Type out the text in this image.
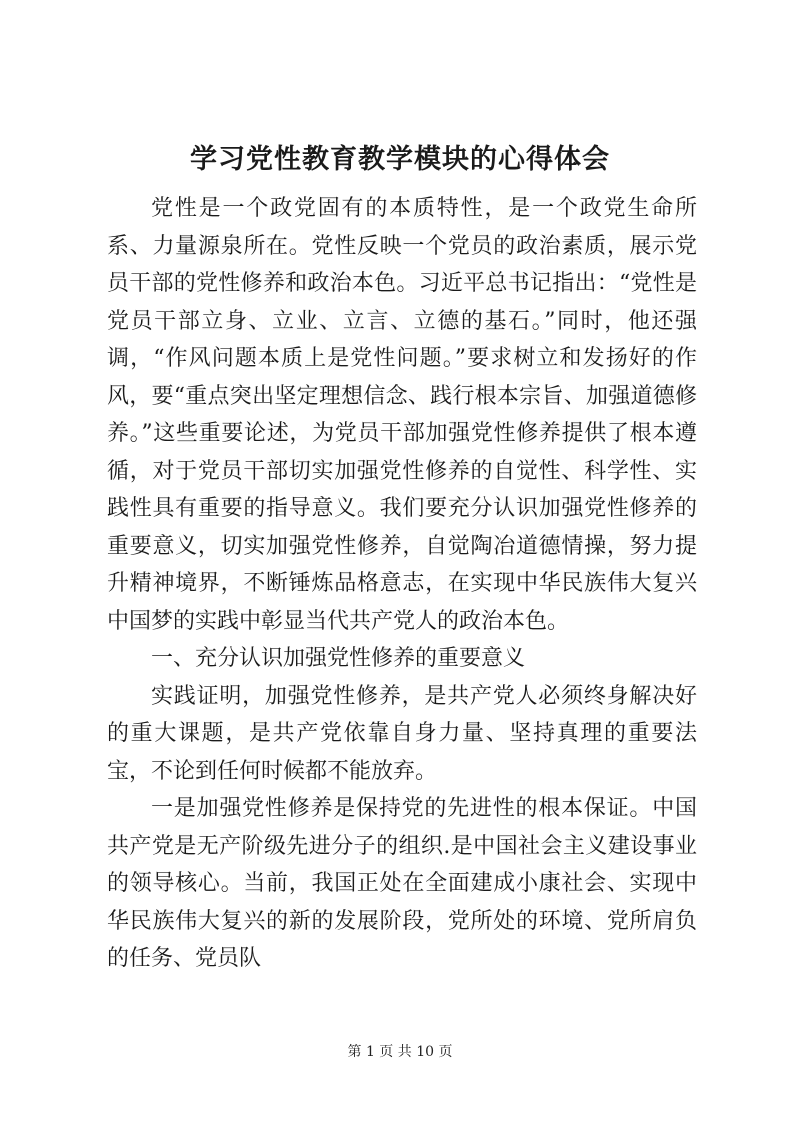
学习党性教育教学模块的心得体会

党性是一个政党固有的本质特性，是一个政党生命所系、力量源泉所在。党性反映一个党员的政治素质，展示党员干部的党性修养和政治本色。习近平总书记指出：“党性是党员干部立身、立业、立言、立德的基石。”同时，他还强调，“作风问题本质上是党性问题。”要求树立和发扬好的作风，要“重点突出坚定理想信念、践行根本宗旨、加强道德修养。”这些重要论述，为党员干部加强党性修养提供了根本遵循，对于党员干部切实加强党性修养的自觉性、科学性、实践性具有重要的指导意义。我们要充分认识加强党性修养的重要意义，切实加强党性修养，自觉陶冶道德情操，努力提升精神境界，不断锤炼品格意志，在实现中华民族伟大复兴中国梦的实践中彰显当代共产党人的政治本色。

一、充分认识加强党性修养的重要意义

实践证明，加强党性修养，是共产党人必须终身解决好的重大课题，是共产党依靠自身力量、坚持真理的重要法宝，不论到任何时候都不能放弃。

一是加强党性修养是保持党的先进性的根本保证。中国共产党是无产阶级先进分子的组织.是中国社会主义建设事业的领导核心。当前，我国正处在全面建成小康社会、实现中华民族伟大复兴的新的发展阶段，党所处的环境、党所肩负的任务、党员队

第 1 页 共 10 页
